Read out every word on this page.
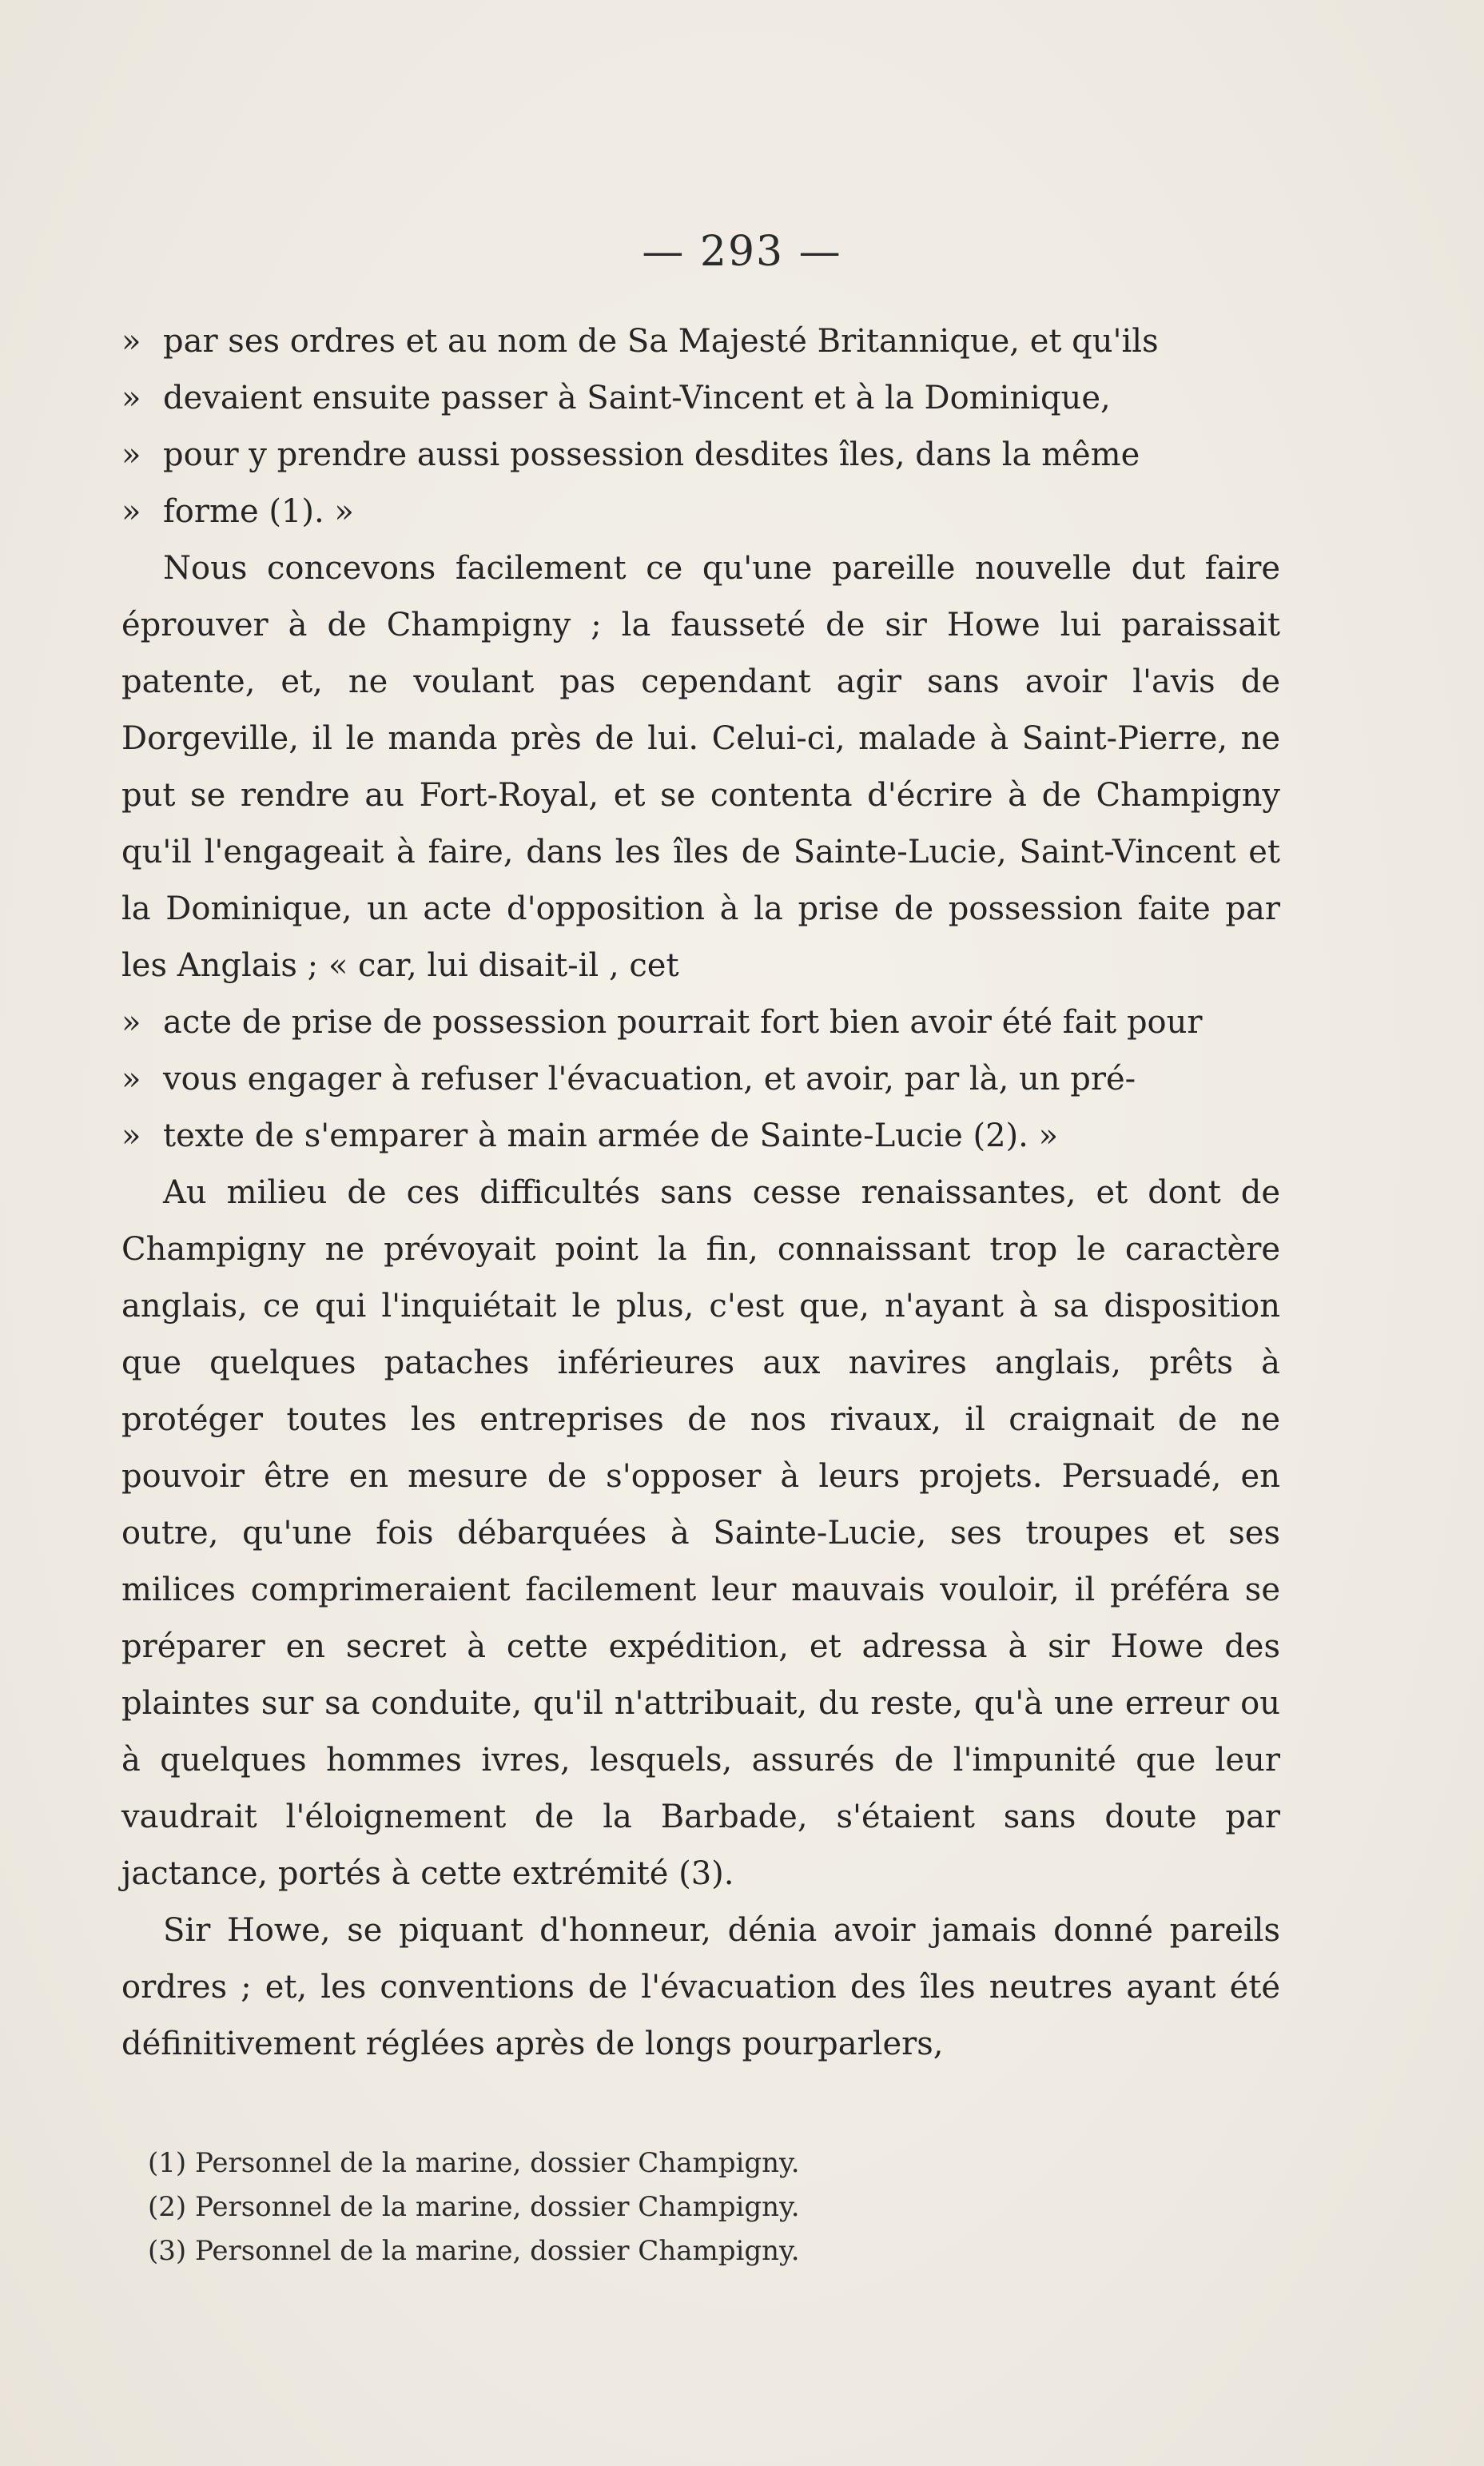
— 293 —

» par ses ordres et au nom de Sa Majesté Britannique, et qu'ils

» devaient ensuite passer à Saint-Vincent et à la Dominique,

» pour y prendre aussi possession desdites îles, dans la même

» forme (1). »

Nous concevons facilement ce qu'une pareille nouvelle dut faire éprouver à de Champigny ; la fausseté de sir Howe lui paraissait patente, et, ne voulant pas cependant agir sans avoir l'avis de Dorgeville, il le manda près de lui. Celui-ci, malade à Saint-Pierre, ne put se rendre au Fort-Royal, et se contenta d'écrire à de Champigny qu'il l'engageait à faire, dans les îles de Sainte-Lucie, Saint-Vincent et la Dominique, un acte d'opposition à la prise de possession faite par les Anglais ; « car, lui disait-il , cet

» acte de prise de possession pourrait fort bien avoir été fait pour

» vous engager à refuser l'évacuation, et avoir, par là, un pré-

» texte de s'emparer à main armée de Sainte-Lucie (2). »

Au milieu de ces difficultés sans cesse renaissantes, et dont de Champigny ne prévoyait point la fin, connaissant trop le caractère anglais, ce qui l'inquiétait le plus, c'est que, n'ayant à sa disposition que quelques pataches inférieures aux navires anglais, prêts à protéger toutes les entreprises de nos rivaux, il craignait de ne pouvoir être en mesure de s'opposer à leurs projets. Persuadé, en outre, qu'une fois débarquées à Sainte-Lucie, ses troupes et ses milices comprimeraient facilement leur mauvais vouloir, il préféra se préparer en secret à cette expédition, et adressa à sir Howe des plaintes sur sa conduite, qu'il n'attribuait, du reste, qu'à une erreur ou à quelques hommes ivres, lesquels, assurés de l'impunité que leur vaudrait l'éloignement de la Barbade, s'étaient sans doute par jactance, portés à cette extrémité (3).

Sir Howe, se piquant d'honneur, dénia avoir jamais donné pareils ordres ; et, les conventions de l'évacuation des îles neutres ayant été définitivement réglées après de longs pourparlers,

(1) Personnel de la marine, dossier Champigny.
(2) Personnel de la marine, dossier Champigny.
(3) Personnel de la marine, dossier Champigny.
